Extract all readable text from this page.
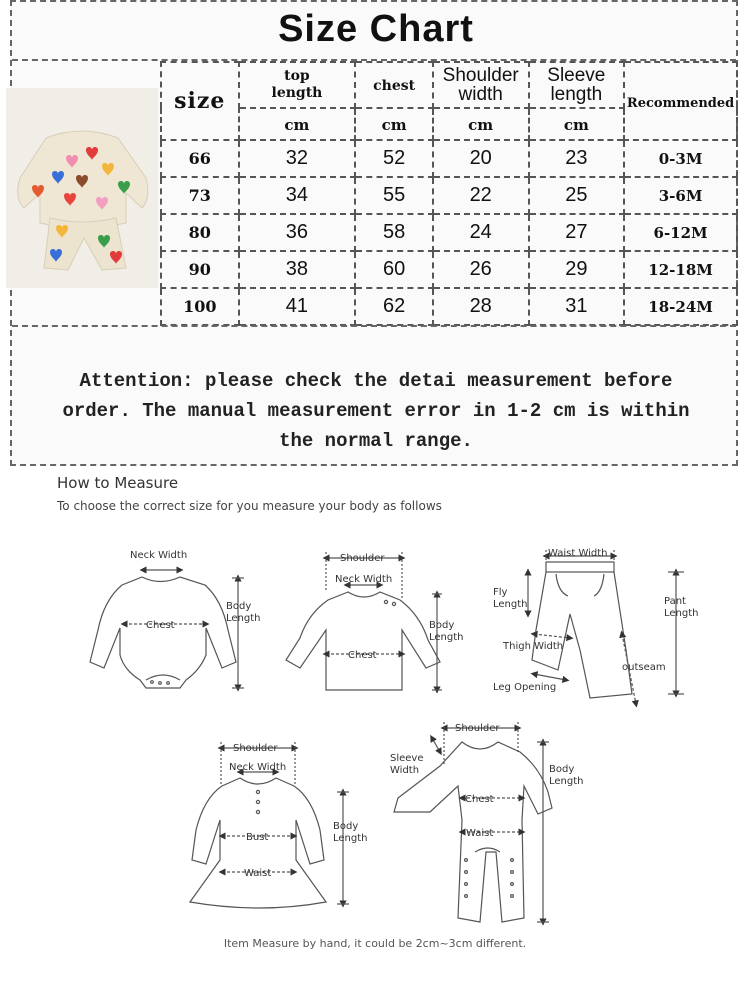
Size Chart
size	top length	chest	Shoulder width	Sleeve length	Recommended
	cm	cm	cm	cm	
66	32	52	20	23	0-3M
73	34	55	22	25	3-6M
80	36	58	24	27	6-12M
90	38	60	26	29	12-18M
100	41	62	28	31	18-24M
Attention: please check the detai measurement before
order. The manual measurement error in 1-2 cm is within
the normal range.
How to Measure
To choose the correct size for you measure your body as follows
Neck Width
Body Length
Chest
Shoulder
Neck Width
Body Length
Chest
Waist Width
Fly Length	Pant Length
Thigh Width
outseam
Leg Opening
Shoulder
Neck Width
Body Length
Bust
Waist
Shoulder
Sleeve Width	Body Length
Chest
Waist
Item Measure by hand, it could be 2cm~3cm different.
